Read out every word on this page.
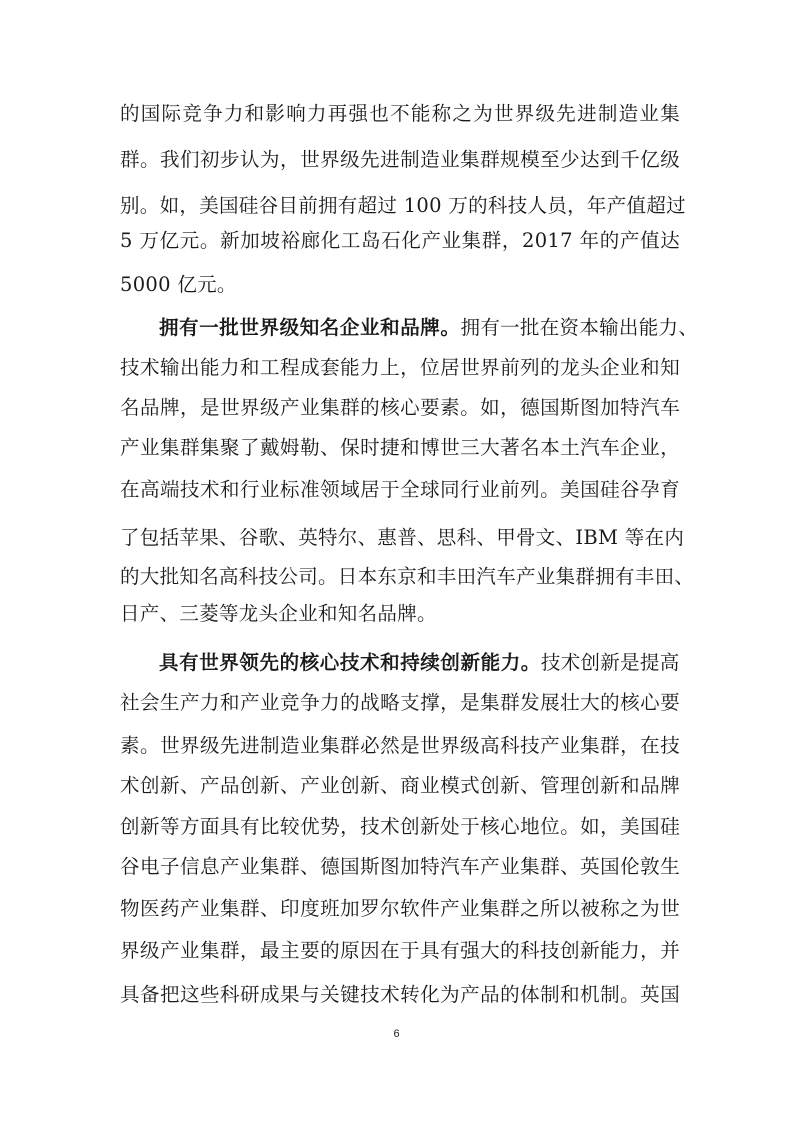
的国际竞争力和影响力再强也不能称之为世界级先进制造业集
群。我们初步认为，世界级先进制造业集群规模至少达到千亿级
别。如，美国硅谷目前拥有超过 100 万的科技人员，年产值超过
5 万亿元。新加坡裕廊化工岛石化产业集群，2017 年的产值达
5000 亿元。
拥有一批世界级知名企业和品牌。拥有一批在资本输出能力、
技术输出能力和工程成套能力上，位居世界前列的龙头企业和知
名品牌，是世界级产业集群的核心要素。如，德国斯图加特汽车
产业集群集聚了戴姆勒、保时捷和博世三大著名本土汽车企业，
在高端技术和行业标准领域居于全球同行业前列。美国硅谷孕育
了包括苹果、谷歌、英特尔、惠普、思科、甲骨文、IBM 等在内
的大批知名高科技公司。日本东京和丰田汽车产业集群拥有丰田、
日产、三菱等龙头企业和知名品牌。
具有世界领先的核心技术和持续创新能力。技术创新是提高
社会生产力和产业竞争力的战略支撑，是集群发展壮大的核心要
素。世界级先进制造业集群必然是世界级高科技产业集群，在技
术创新、产品创新、产业创新、商业模式创新、管理创新和品牌
创新等方面具有比较优势，技术创新处于核心地位。如，美国硅
谷电子信息产业集群、德国斯图加特汽车产业集群、英国伦敦生
物医药产业集群、印度班加罗尔软件产业集群之所以被称之为世
界级产业集群，最主要的原因在于具有强大的科技创新能力，并
具备把这些科研成果与关键技术转化为产品的体制和机制。英国
6
